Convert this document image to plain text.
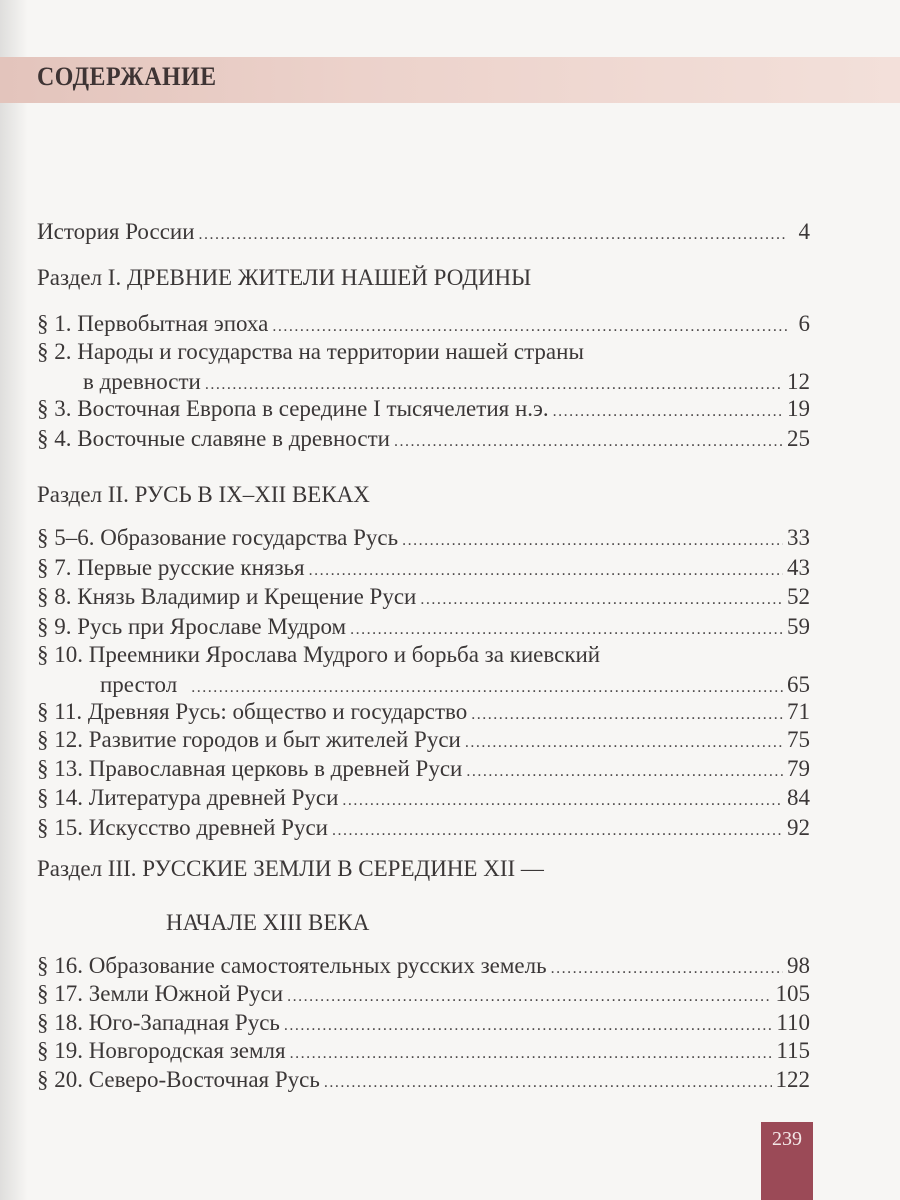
СОДЕРЖАНИЕ
История России .....	4
Раздел I. ДРЕВНИЕ ЖИТЕЛИ НАШЕЙ РОДИНЫ
§ 1. Первобытная эпоха .....	6
§ 2. Народы и государства на территории нашей страны
в древности .....	12
§ 3. Восточная Европа в середине I тысячелетия н.э. .....	19
§ 4. Восточные славяне в древности .....	25
Раздел II. РУСЬ В IX–XII ВЕКАХ
§ 5–6. Образование государства Русь .....	33
§ 7. Первые русские князья .....	43
§ 8. Князь Владимир и Крещение Руси .....	52
§ 9. Русь при Ярославе Мудром .....	59
§ 10. Преемники Ярослава Мудрого и борьба за киевский
престол .....	65
§ 11. Древняя Русь: общество и государство .....	71
§ 12. Развитие городов и быт жителей Руси .....	75
§ 13. Православная церковь в древней Руси .....	79
§ 14. Литература древней Руси .....	84
§ 15. Искусство древней Руси .....	92
Раздел III. РУССКИЕ ЗЕМЛИ В СЕРЕДИНЕ XII —
НАЧАЛЕ XIII ВЕКА
§ 16. Образование самостоятельных русских земель .....	98
§ 17. Земли Южной Руси .....	105
§ 18. Юго-Западная Русь .....	110
§ 19. Новгородская земля .....	115
§ 20. Северо-Восточная Русь .....	122
239
